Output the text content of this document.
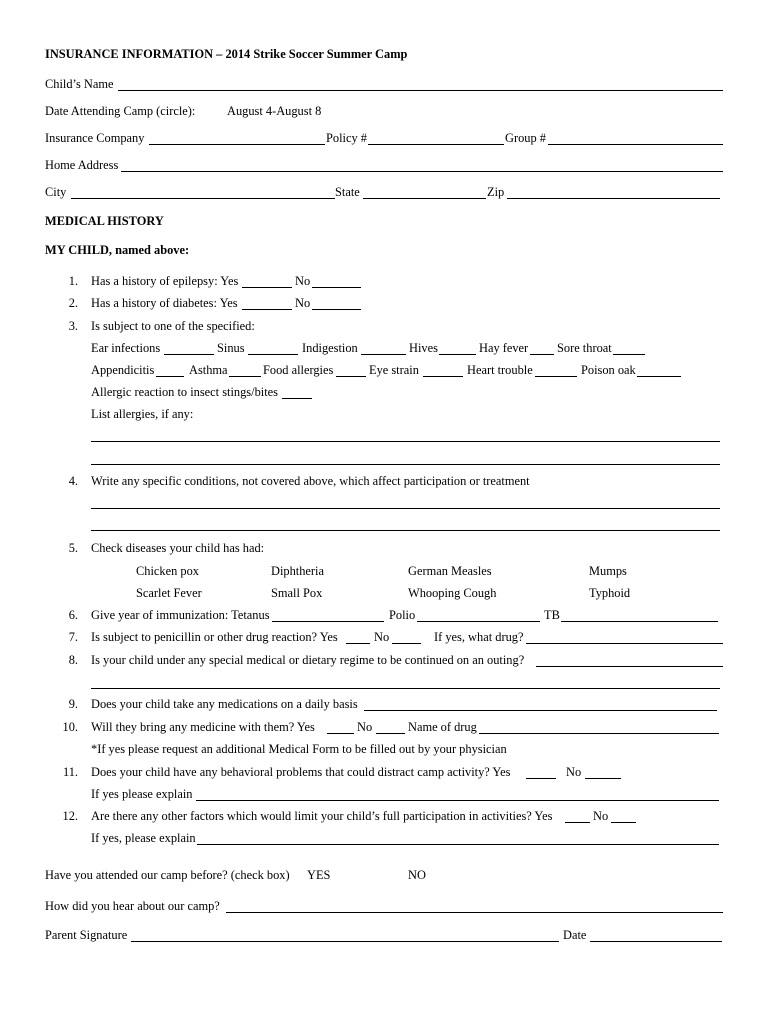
INSURANCE INFORMATION – 2014 Strike Soccer Summer Camp
Child’s Name
Date Attending Camp (circle):	August 4-August 8
Insurance Company	Policy #	Group #
Home Address
City	State	Zip
MEDICAL HISTORY
MY CHILD, named above:
1. Has a history of epilepsy: Yes	No
2. Has a history of diabetes: Yes	No
3. Is subject to one of the specified:
Ear infections	Sinus	Indigestion	Hives	Hay fever Sore throat
Appendicitis	Asthma	Food allergies	Eye strain	Heart trouble	Poison oak
Allergic reaction to insect stings/bites
List allergies, if any:
4. Write any specific conditions, not covered above, which affect participation or treatment
5. Check diseases your child has had:
Chicken pox	Diphtheria	German Measles	Mumps
Scarlet Fever	Small Pox	Whooping Cough	Typhoid
6. Give year of immunization: Tetanus	Polio	TB
7. Is subject to penicillin or other drug reaction? Yes	No	If yes, what drug?
8. Is your child under any special medical or dietary regime to be continued on an outing?
9. Does your child take any medications on a daily basis
10. Will they bring any medicine with them? Yes	No	Name of drug
*If yes please request an additional Medical Form to be filled out by your physician
11. Does your child have any behavioral problems that could distract camp activity? Yes	No
If yes please explain
12. Are there any other factors which would limit your child’s full participation in activities? Yes	No
If yes, please explain
Have you attended our camp before? (check box) YES	NO
How did you hear about our camp?
Parent Signature	Date
